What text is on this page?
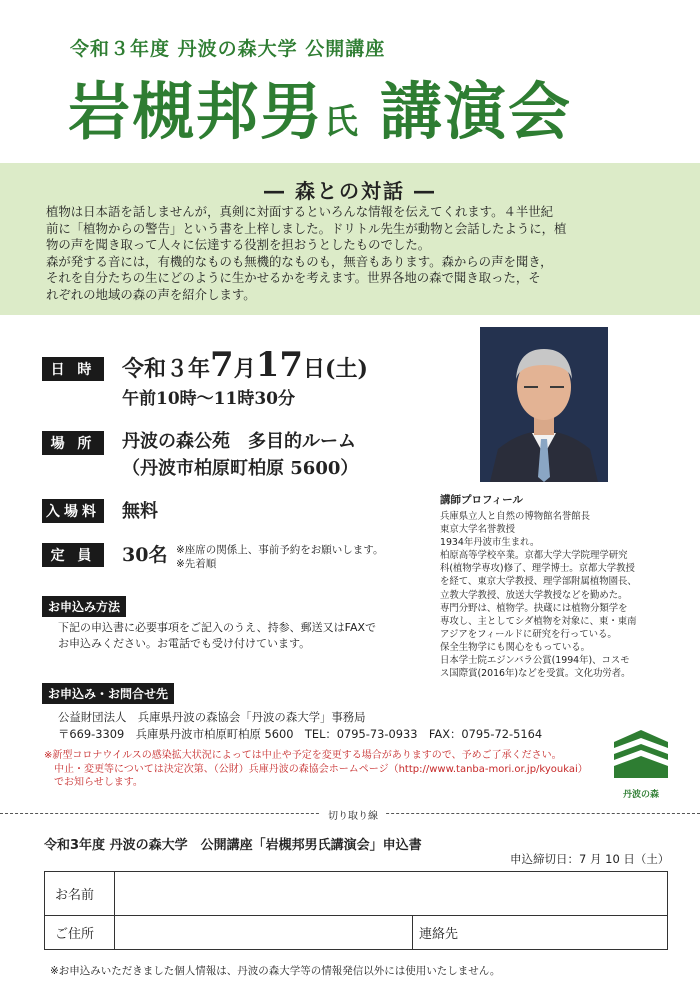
令和３年度 丹波の森大学 公開講座
岩槻邦男氏 講演会
― 森との対話 ―

植物は日本語を話しませんが，真剣に対面するといろんな情報を伝えてくれます。４半世紀

前に「植物からの警告」という書を上梓しました。ドリトル先生が動物と会話したように，植

物の声を聞き取って人々に伝達する役割を担おうとしたものでした。

森が発する音には，有機的なものも無機的なものも，無音もあります。森からの声を聞き，

それを自分たちの生にどのように生かせるかを考えます。世界各地の森で聞き取った，そ

れぞれの地域の森の声を紹介します。

日 時	令和３年7月17日(土)
午前10時～11時30分
場 所	丹波の森公苑　多目的ルーム
（丹波市柏原町柏原 5600）
入場料 無料
定 員	30名 ※座席の関係上、事前予約をお願いします。
※先着順
講師プロフィール

兵庫県立人と自然の博物館名誉館長

東京大学名誉教授

1934年丹波市生まれ。

柏原高等学校卒業。京都大学大学院理学研究

科(植物学専攻)修了、理学博士。京都大学教授

を経て、東京大学教授、理学部附属植物園長、

立教大学教授、放送大学教授などを勤めた。

専門分野は、植物学。抉蔵には植物分類学を

専攻し、主としてシダ植物を対象に、東・東南

アジアをフィールドに研究を行っている。

保全生物学にも関心をもっている。

日本学士院エジンバラ公賞(1994年)、コスモ

ス国際賞(2016年)などを受賞。文化功労者。

お申込み方法
下記の申込書に必要事項をご記入のうえ、持参、郵送又はFAXで
お申込みください。お電話でも受け付けています。
お申込み・お問合せ先
公益財団法人　兵庫県丹波の森協会「丹波の森大学」事務局
〒669-3309　兵庫県丹波市柏原町柏原 5600　TEL：0795-73-0933　FAX：0795-72-5164
※新型コロナウイルスの感染拡大状況によっては中止や予定を変更する場合がありますので、予めご了承ください。
　中止・変更等については決定次第、（公財）兵庫丹波の森協会ホームページ（http://www.tanba-mori.or.jp/kyoukai）
　でお知らせします。
丹波の森
切り取り線
令和3年度 丹波の森大学　公開講座「岩槻邦男氏講演会」申込書
申込締切日：7 月 10 日（土）
お名前			
ご住所		連絡先	
※お申込みいただきました個人情報は、丹波の森大学等の情報発信以外には使用いたしません。
